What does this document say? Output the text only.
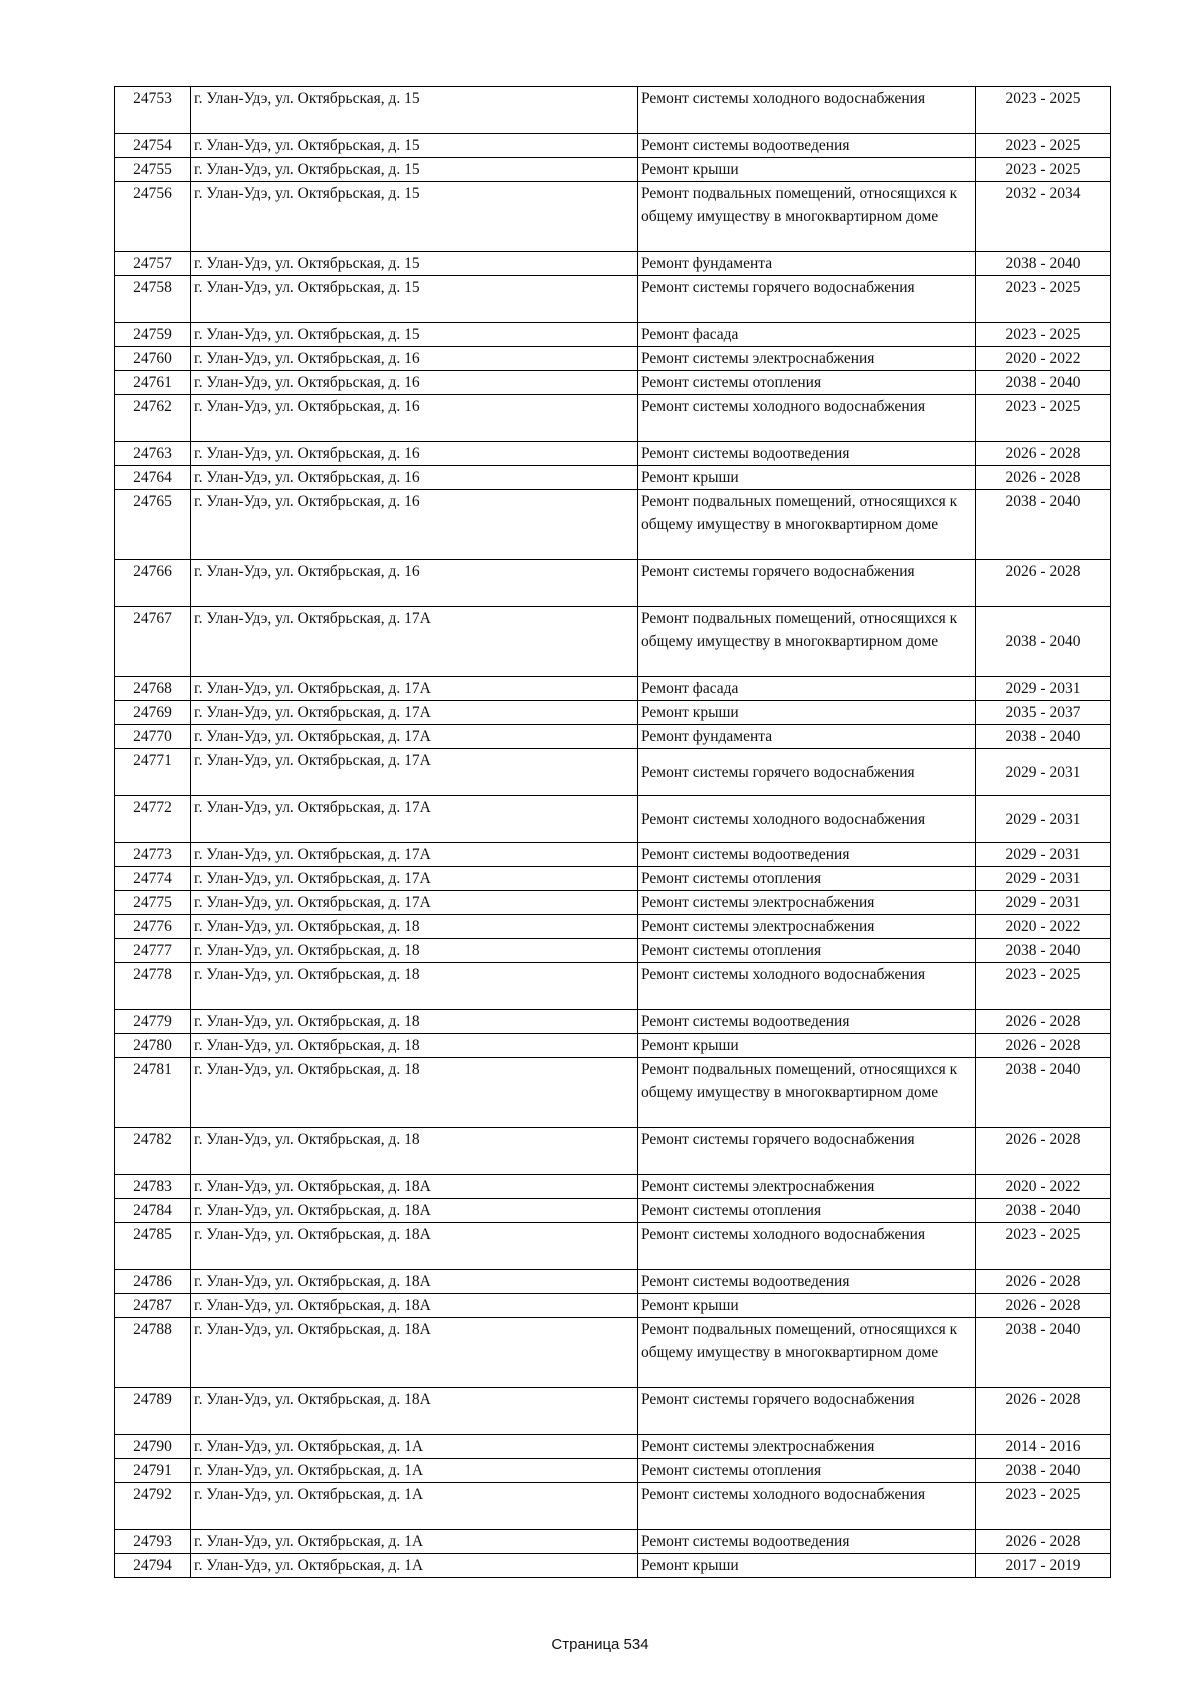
24753	г. Улан-Удэ, ул. Октябрьская, д. 15	Ремонт системы холодного водоснабжения	2023 - 2025
24754	г. Улан-Удэ, ул. Октябрьская, д. 15	Ремонт системы водоотведения	2023 - 2025
24755	г. Улан-Удэ, ул. Октябрьская, д. 15	Ремонт крыши	2023 - 2025
24756	г. Улан-Удэ, ул. Октябрьская, д. 15	Ремонт подвальных помещений, относящихся к общему имуществу в многоквартирном доме	2032 - 2034
24757	г. Улан-Удэ, ул. Октябрьская, д. 15	Ремонт фундамента	2038 - 2040
24758	г. Улан-Удэ, ул. Октябрьская, д. 15	Ремонт системы горячего водоснабжения	2023 - 2025
24759	г. Улан-Удэ, ул. Октябрьская, д. 15	Ремонт фасада	2023 - 2025
24760	г. Улан-Удэ, ул. Октябрьская, д. 16	Ремонт системы электроснабжения	2020 - 2022
24761	г. Улан-Удэ, ул. Октябрьская, д. 16	Ремонт системы отопления	2038 - 2040
24762	г. Улан-Удэ, ул. Октябрьская, д. 16	Ремонт системы холодного водоснабжения	2023 - 2025
24763	г. Улан-Удэ, ул. Октябрьская, д. 16	Ремонт системы водоотведения	2026 - 2028
24764	г. Улан-Удэ, ул. Октябрьская, д. 16	Ремонт крыши	2026 - 2028
24765	г. Улан-Удэ, ул. Октябрьская, д. 16	Ремонт подвальных помещений, относящихся к общему имуществу в многоквартирном доме	2038 - 2040
24766	г. Улан-Удэ, ул. Октябрьская, д. 16	Ремонт системы горячего водоснабжения	2026 - 2028
24767	г. Улан-Удэ, ул. Октябрьская, д. 17А	Ремонт подвальных помещений, относящихся к общему имуществу в многоквартирном доме	2038 - 2040
24768	г. Улан-Удэ, ул. Октябрьская, д. 17А	Ремонт фасада	2029 - 2031
24769	г. Улан-Удэ, ул. Октябрьская, д. 17А	Ремонт крыши	2035 - 2037
24770	г. Улан-Удэ, ул. Октябрьская, д. 17А	Ремонт фундамента	2038 - 2040
24771	г. Улан-Удэ, ул. Октябрьская, д. 17А	Ремонт системы горячего водоснабжения	2029 - 2031
24772	г. Улан-Удэ, ул. Октябрьская, д. 17А	Ремонт системы холодного водоснабжения	2029 - 2031
24773	г. Улан-Удэ, ул. Октябрьская, д. 17А	Ремонт системы водоотведения	2029 - 2031
24774	г. Улан-Удэ, ул. Октябрьская, д. 17А	Ремонт системы отопления	2029 - 2031
24775	г. Улан-Удэ, ул. Октябрьская, д. 17А	Ремонт системы электроснабжения	2029 - 2031
24776	г. Улан-Удэ, ул. Октябрьская, д. 18	Ремонт системы электроснабжения	2020 - 2022
24777	г. Улан-Удэ, ул. Октябрьская, д. 18	Ремонт системы отопления	2038 - 2040
24778	г. Улан-Удэ, ул. Октябрьская, д. 18	Ремонт системы холодного водоснабжения	2023 - 2025
24779	г. Улан-Удэ, ул. Октябрьская, д. 18	Ремонт системы водоотведения	2026 - 2028
24780	г. Улан-Удэ, ул. Октябрьская, д. 18	Ремонт крыши	2026 - 2028
24781	г. Улан-Удэ, ул. Октябрьская, д. 18	Ремонт подвальных помещений, относящихся к общему имуществу в многоквартирном доме	2038 - 2040
24782	г. Улан-Удэ, ул. Октябрьская, д. 18	Ремонт системы горячего водоснабжения	2026 - 2028
24783	г. Улан-Удэ, ул. Октябрьская, д. 18А	Ремонт системы электроснабжения	2020 - 2022
24784	г. Улан-Удэ, ул. Октябрьская, д. 18А	Ремонт системы отопления	2038 - 2040
24785	г. Улан-Удэ, ул. Октябрьская, д. 18А	Ремонт системы холодного водоснабжения	2023 - 2025
24786	г. Улан-Удэ, ул. Октябрьская, д. 18А	Ремонт системы водоотведения	2026 - 2028
24787	г. Улан-Удэ, ул. Октябрьская, д. 18А	Ремонт крыши	2026 - 2028
24788	г. Улан-Удэ, ул. Октябрьская, д. 18А	Ремонт подвальных помещений, относящихся к общему имуществу в многоквартирном доме	2038 - 2040
24789	г. Улан-Удэ, ул. Октябрьская, д. 18А	Ремонт системы горячего водоснабжения	2026 - 2028
24790	г. Улан-Удэ, ул. Октябрьская, д. 1А	Ремонт системы электроснабжения	2014 - 2016
24791	г. Улан-Удэ, ул. Октябрьская, д. 1А	Ремонт системы отопления	2038 - 2040
24792	г. Улан-Удэ, ул. Октябрьская, д. 1А	Ремонт системы холодного водоснабжения	2023 - 2025
24793	г. Улан-Удэ, ул. Октябрьская, д. 1А	Ремонт системы водоотведения	2026 - 2028
24794	г. Улан-Удэ, ул. Октябрьская, д. 1А	Ремонт крыши	2017 - 2019
Страница 534
